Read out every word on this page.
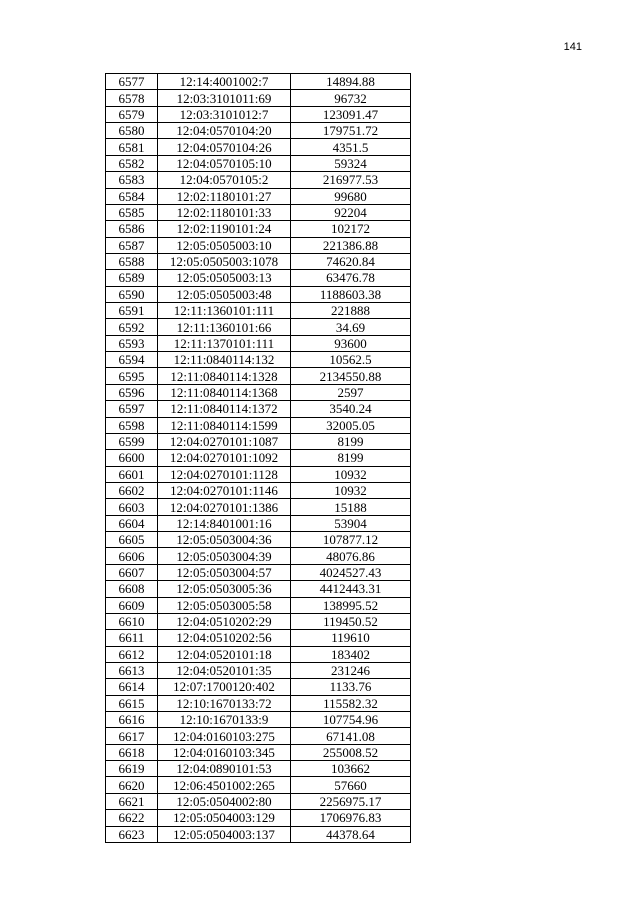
141
6577	12:14:4001002:7	14894.88
6578	12:03:3101011:69	96732
6579	12:03:3101012:7	123091.47
6580	12:04:0570104:20	179751.72
6581	12:04:0570104:26	4351.5
6582	12:04:0570105:10	59324
6583	12:04:0570105:2	216977.53
6584	12:02:1180101:27	99680
6585	12:02:1180101:33	92204
6586	12:02:1190101:24	102172
6587	12:05:0505003:10	221386.88
6588	12:05:0505003:1078	74620.84
6589	12:05:0505003:13	63476.78
6590	12:05:0505003:48	1188603.38
6591	12:11:1360101:111	221888
6592	12:11:1360101:66	34.69
6593	12:11:1370101:111	93600
6594	12:11:0840114:132	10562.5
6595	12:11:0840114:1328	2134550.88
6596	12:11:0840114:1368	2597
6597	12:11:0840114:1372	3540.24
6598	12:11:0840114:1599	32005.05
6599	12:04:0270101:1087	8199
6600	12:04:0270101:1092	8199
6601	12:04:0270101:1128	10932
6602	12:04:0270101:1146	10932
6603	12:04:0270101:1386	15188
6604	12:14:8401001:16	53904
6605	12:05:0503004:36	107877.12
6606	12:05:0503004:39	48076.86
6607	12:05:0503004:57	4024527.43
6608	12:05:0503005:36	4412443.31
6609	12:05:0503005:58	138995.52
6610	12:04:0510202:29	119450.52
6611	12:04:0510202:56	119610
6612	12:04:0520101:18	183402
6613	12:04:0520101:35	231246
6614	12:07:1700120:402	1133.76
6615	12:10:1670133:72	115582.32
6616	12:10:1670133:9	107754.96
6617	12:04:0160103:275	67141.08
6618	12:04:0160103:345	255008.52
6619	12:04:0890101:53	103662
6620	12:06:4501002:265	57660
6621	12:05:0504002:80	2256975.17
6622	12:05:0504003:129	1706976.83
6623	12:05:0504003:137	44378.64
